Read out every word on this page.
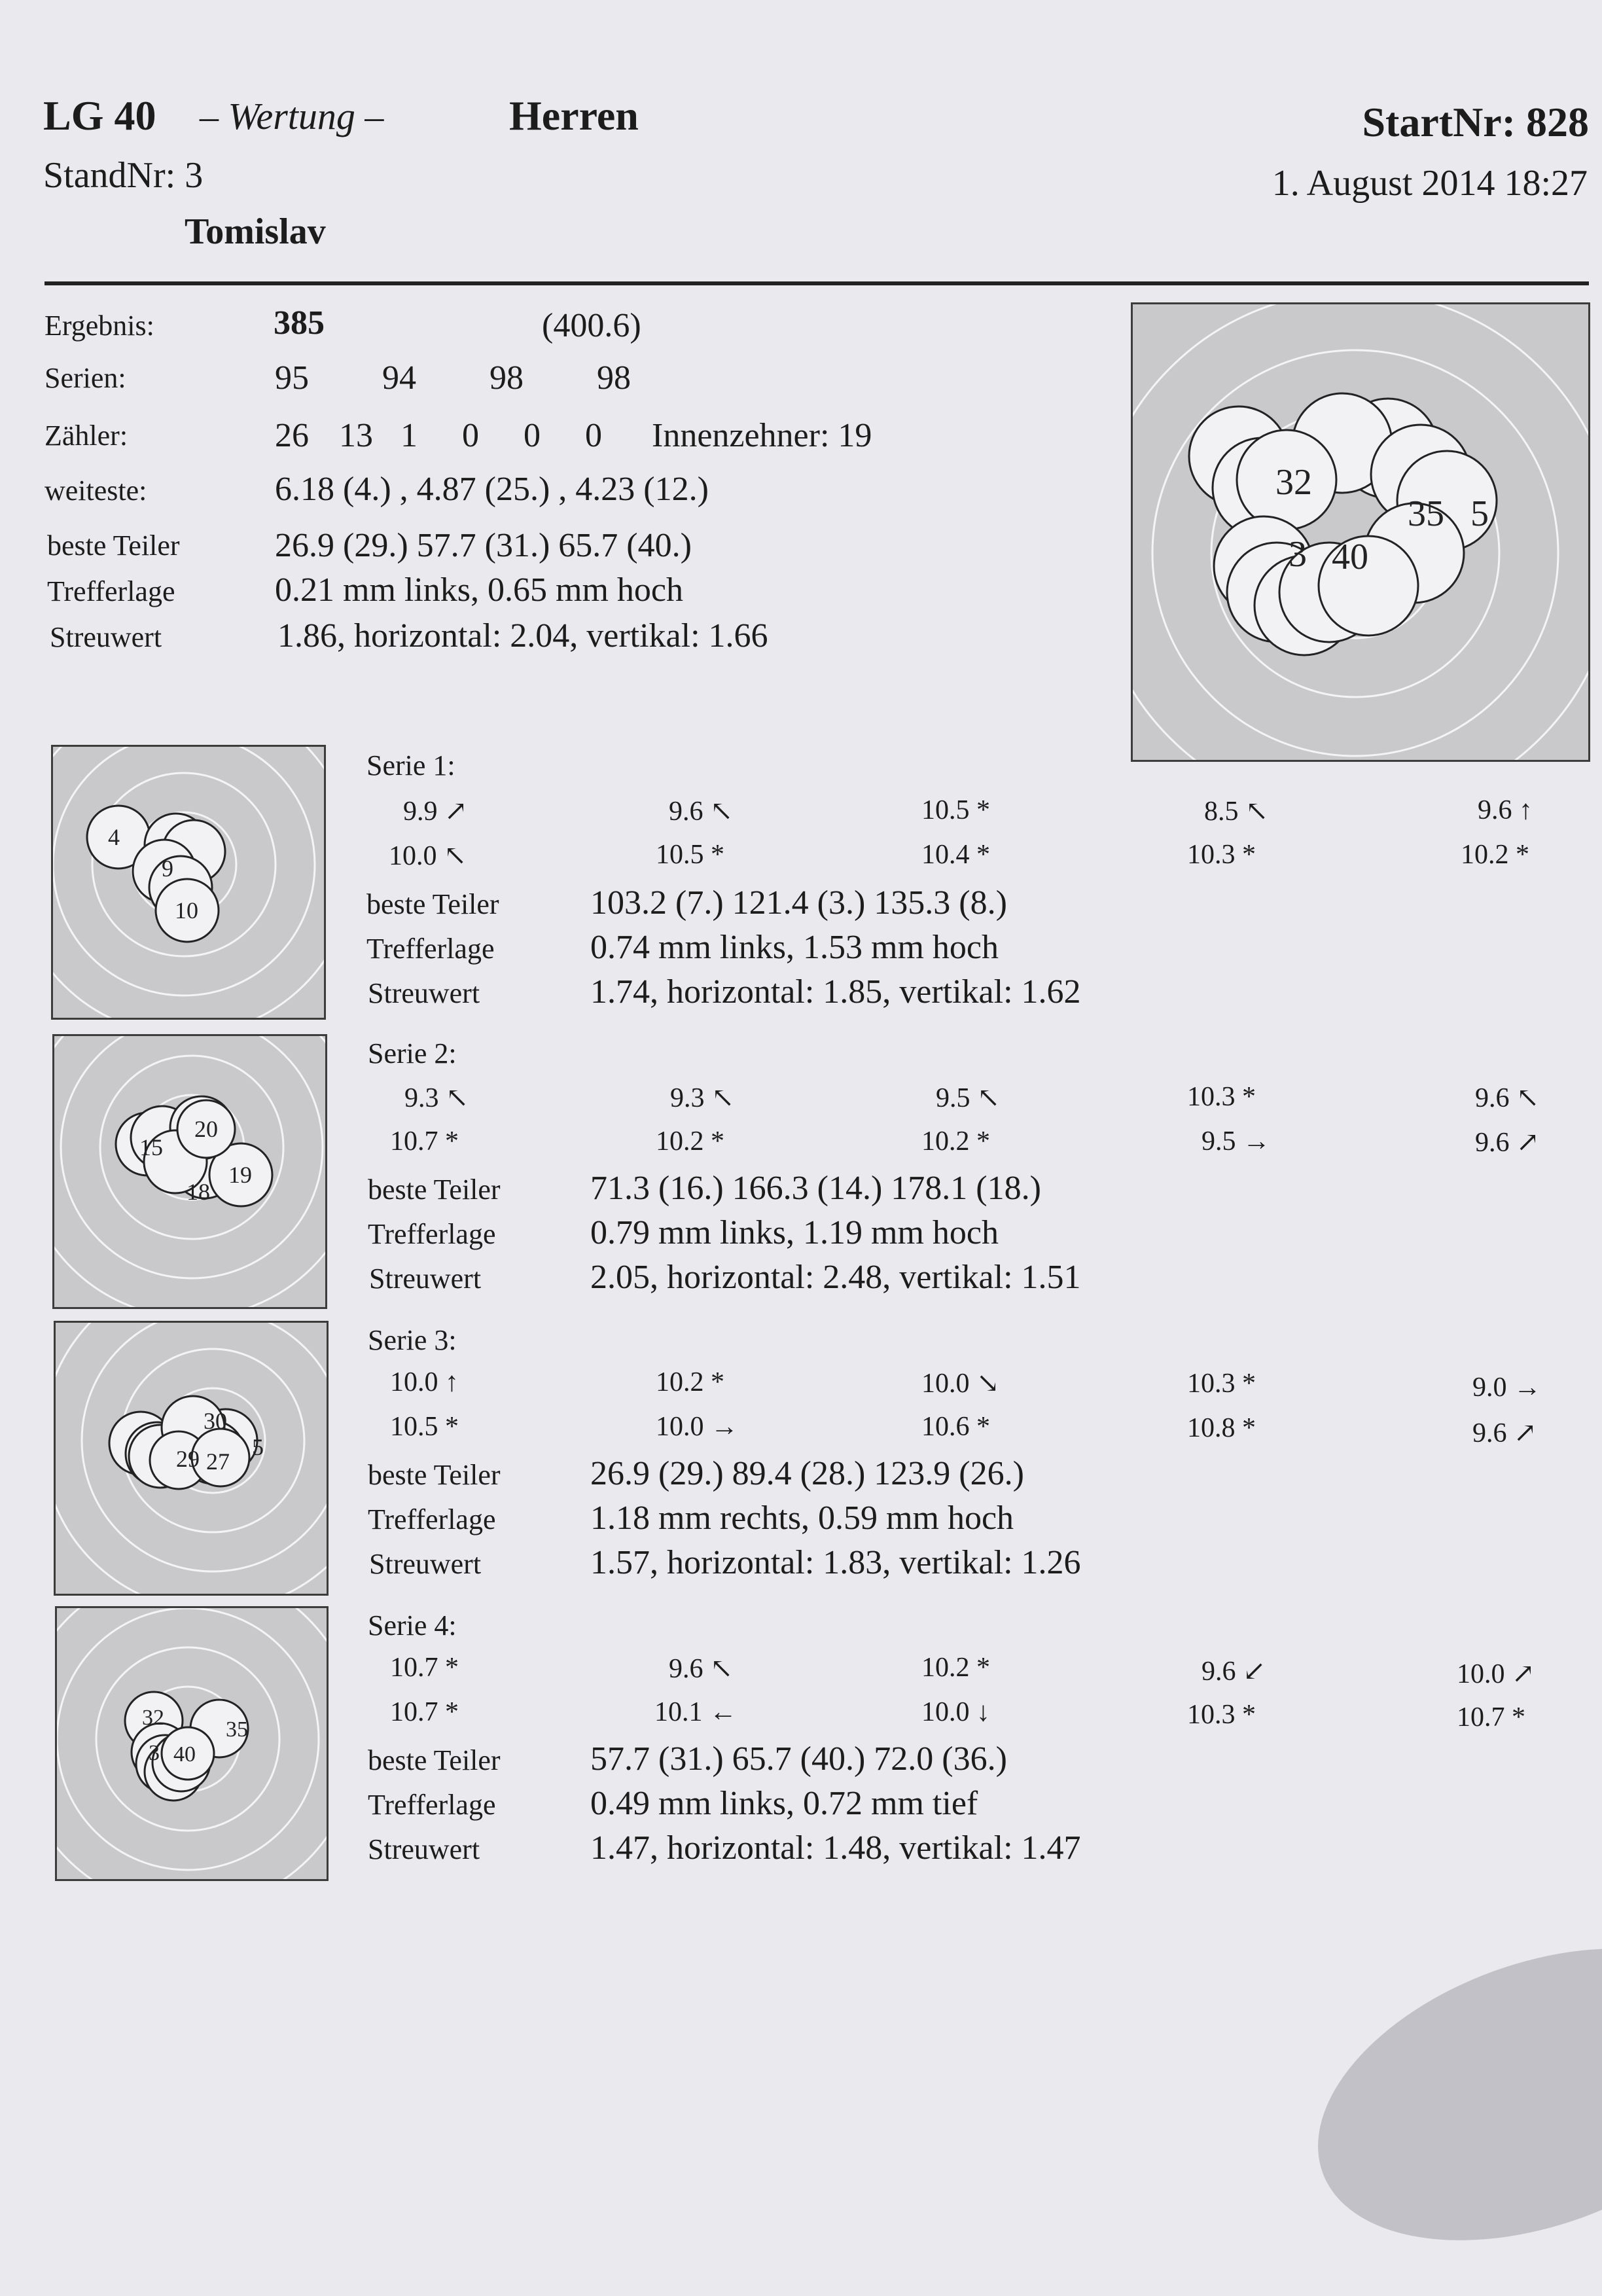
LG 40 – Wertung –	Herren	StartNr: 828
StandNr: 3	1. August 2014 18:27
Tomislav
Ergebnis:	385	(400.6)
Serien:	95 94 98 98
Zähler:	26 13 1 0 0 0 Innenzehner: 19
weiteste:	6.18 (4.) , 4.87 (25.) , 4.23 (12.)
beste Teiler	26.9 (29.) 57.7 (31.) 65.7 (40.)
Trefferlage	0.21 mm links, 0.65 mm hoch
Streuwert	1.86, horizontal: 2.04, vertikal: 1.66
32
35 5
3 40
4
9
10
Serie 1:
9.9 ↗	9.6 ↖	10.5 *	8.5 ↖	9.6 ↑
10.0 ↖	10.5 *	10.4 *	10.3 *	10.2 *
beste Teiler	103.2 (7.) 121.4 (3.) 135.3 (8.)
Trefferlage	0.74 mm links, 1.53 mm hoch
Streuwert	1.74, horizontal: 1.85, vertikal: 1.62
15
20
19
18
Serie 2:
9.3 ↖	9.3 ↖	9.5 ↖	10.3 *	9.6 ↖
10.7 *	10.2 *	10.2 *	9.5 →	9.6 ↗
beste Teiler	71.3 (16.) 166.3 (14.) 178.1 (18.)
Trefferlage	0.79 mm links, 1.19 mm hoch
Streuwert	2.05, horizontal: 2.48, vertikal: 1.51
30
29 27
5
Serie 3:
10.0 ↑	10.2 *	10.0 ↘	10.3 *	9.0 →
10.5 *	10.0 →	10.6 *	10.8 *	9.6 ↗
beste Teiler	26.9 (29.) 89.4 (28.) 123.9 (26.)
Trefferlage	1.18 mm rechts, 0.59 mm hoch
Streuwert	1.57, horizontal: 1.83, vertikal: 1.26
32	35
3 40
Serie 4:
10.7 *	9.6 ↖	10.2 *	9.6 ↙	10.0 ↗
10.7 *	10.1 ←	10.0 ↓	10.3 *	10.7 *
beste Teiler	57.7 (31.) 65.7 (40.) 72.0 (36.)
Trefferlage	0.49 mm links, 0.72 mm tief
Streuwert	1.47, horizontal: 1.48, vertikal: 1.47
